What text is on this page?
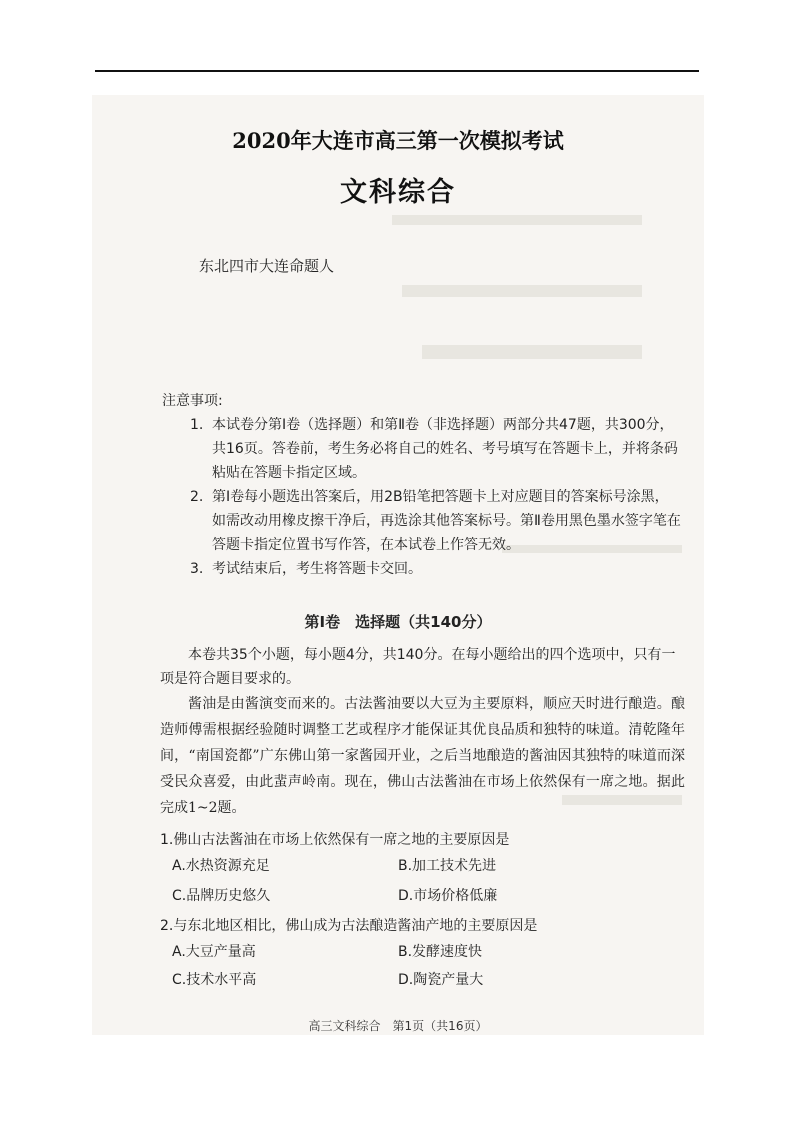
2020年大连市高三第一次模拟考试
文科综合
东北四市大连命题人
注意事项:
1. 本试卷分第Ⅰ卷（选择题）和第Ⅱ卷（非选择题）两部分共47题，共300分，共16页。答卷前，考生务必将自己的姓名、考号填写在答题卡上，并将条码粘贴在答题卡指定区域。
2. 第Ⅰ卷每小题选出答案后，用2B铅笔把答题卡上对应题目的答案标号涂黑，如需改动用橡皮擦干净后，再选涂其他答案标号。第Ⅱ卷用黑色墨水签字笔在答题卡指定位置书写作答，在本试卷上作答无效。
3. 考试结束后，考生将答题卡交回。
第Ⅰ卷　选择题（共140分）
本卷共35个小题，每小题4分，共140分。在每小题给出的四个选项中，只有一项是符合题目要求的。
酱油是由酱演变而来的。古法酱油要以大豆为主要原料，顺应天时进行酿造。酿造师傅需根据经验随时调整工艺或程序才能保证其优良品质和独特的味道。清乾隆年间，“南国瓷都”广东佛山第一家酱园开业，之后当地酿造的酱油因其独特的味道而深受民众喜爱，由此蜚声岭南。现在，佛山古法酱油在市场上依然保有一席之地。据此完成1~2题。
1.佛山古法酱油在市场上依然保有一席之地的主要原因是
A.水热资源充足	B.加工技术先进
C.品牌历史悠久	D.市场价格低廉
2.与东北地区相比，佛山成为古法酿造酱油产地的主要原因是
A.大豆产量高	B.发酵速度快
C.技术水平高	D.陶瓷产量大
高三文科综合　第1页（共16页）
